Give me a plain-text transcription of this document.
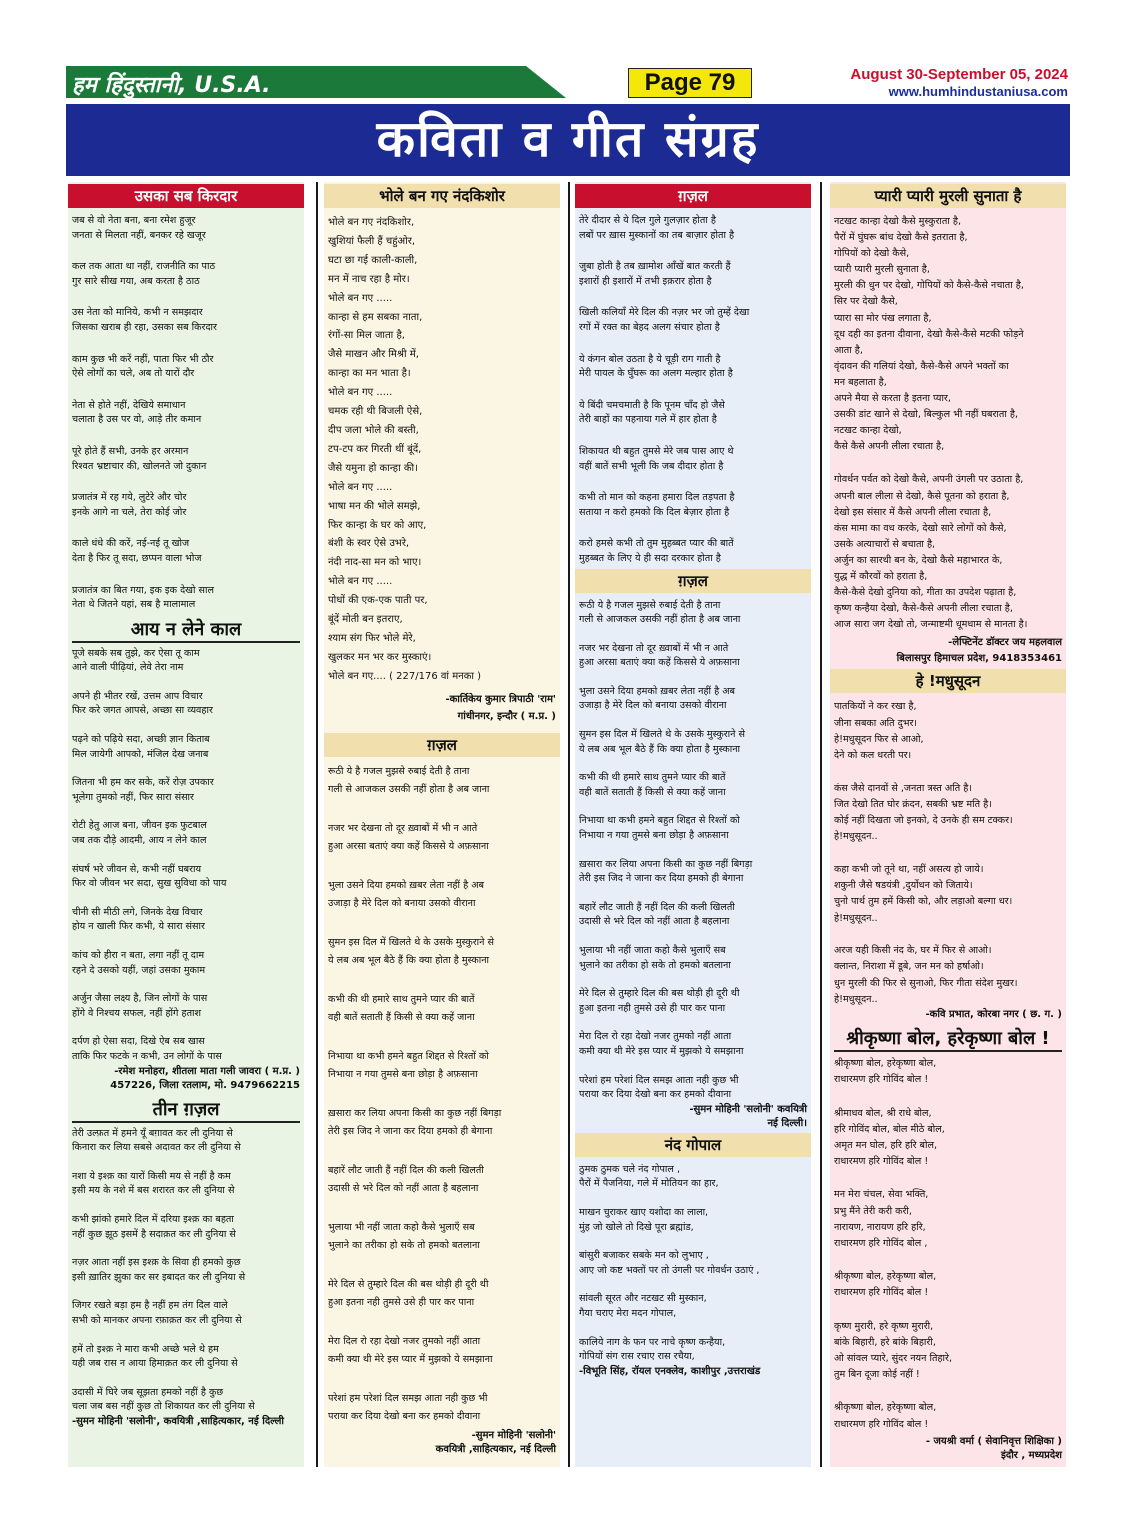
हम हिंदुस्तानी, U.S.A.	Page 79	August 30-September 05, 2024
www.humhindustaniusa.com
कविता व गीत संग्रह
उसका सब किरदार

जब से वो नेता बना, बना रमेश हुजूर
जनता से मिलता नहीं, बनकर रहे खजूर

कल तक आता था नहीं, राजनीति का पाठ
गुर सारे सीख गया, अब करता है ठाठ

उस नेता को मानिये, कभी न समझदार
जिसका खराब ही रहा, उसका सब किरदार

काम कुछ भी करें नहीं, पाता फिर भी ठौर
ऐसे लोगों का चले, अब तो यारों दौर

नेता से होते नहीं, देखिये समाधान
चलाता है उस पर वो, आड़े तीर कमान

पूरे होते हैं सभी, उनके हर अरमान
रिश्वत भ्रष्टाचार की, खोलनते जो दुकान

प्रजातंत्र में रह गये, लुटेरे और चोर
इनके आगे ना चले, तेरा कोई जोर

काले धंधे की करें, नई-नई तू खोज
देता है फिर तू सदा, छप्पन वाला भोज

प्रजातंत्र का बित गया, इक इक देखो साल
नेता थे जितने यहां, सब है मालामाल

आय न लेने काल

पूजे सबके सब तुझे, कर ऐसा तू काम
आने वाली पीढ़ियां, लेवे तेरा नाम

अपने ही भीतर रखें, उत्तम आप विचार
फिर करे जगत आपसे, अच्छा सा व्यवहार

पढ़ने को पढ़िये सदा, अच्छी ज्ञान किताब
मिल जायेगी आपको, मंजिल देख जनाब

जितना भी हम कर सके, करें रोज़ उपकार
भूलेगा तुमको नहीं, फिर सारा संसार

रोटी हेतु आज बना, जीवन इक फुटबाल
जब तक दौड़े आदमी, आय न लेने काल

संघर्ष भरे जीवन से, कभी नहीं घबराय
फिर वो जीवन भर सदा, सुख सुविधा को पाय

चीनी सी मीठी लगे, जिनके देख विचार
होय न खाली फिर कभी, ये सारा संसार

कांच को हीरा न बता, लगा नहीं तू दाम
रहने दे उसको यहीं, जहां उसका मुकाम

अर्जुन जैसा लक्ष्य है, जिन लोगों के पास
होंगे वे निश्चय सफल, नहीं होंगे हताश

दर्पण हो ऐसा सदा, दिखे ऐब सब खास
ताकि फिर फटके न कभी, उन लोगों के पास

-रमेश मनोहरा, शीतला माता गली जावरा ( म.प्र. )
457226, जिला रतलाम, मो. 9479662215
तीन ग़ज़ल

तेरी उल्फ़त में हमने यूँ बग़ावत कर ली दुनिया से
किनारा कर लिया सबसे अदावत कर ली दुनिया से

नशा ये इश्क़ का यारों किसी मय से नहीं है कम
इसी मय के नशे में बस शरारत कर ली दुनिया से

कभी झांको हमारे दिल में दरिया इश्क़ का बहता
नहीं कुछ झूठ इसमें है सदाक़त कर ली दुनिया से

नज़र आता नहीं इस इश्क़ के सिवा ही हमको कुछ
इसी ख़ातिर झुका कर सर इबादत कर ली दुनिया से

जिगर रखते बड़ा हम है नहीं हम तंग दिल वाले
सभी को मानकर अपना रफ़ाक़त कर ली दुनिया से

हमें तो इश्क़ ने मारा कभी अच्छे भले थे हम
यही जब रास न आया हिमाक़त कर ली दुनिया से

उदासी में घिरे जब सूझता हमको नहीं है कुछ
चला जब बस नहीं कुछ तो शिकायत कर ली दुनिया से

-सुमन मोहिनी 'सलोनी', कवयित्री ,साहित्यकार, नई दिल्ली
भोले बन गए नंदकिशोर

भोले बन गए नंदकिशोर,
खुशियां फैली हैं चहुंओर,
घटा छा गई काली-काली,
मन में नाच रहा है मोर।
भोले बन गए .....
कान्हा से हम सबका नाता,
रंगों-सा मिल जाता है,
जैसे माखन और मिश्री में,
कान्हा का मन भाता है।
भोले बन गए .....
चमक रही थी बिजली ऐसे,
दीप जला भोले की बस्ती,
टप-टप कर गिरती थीं बूंदें,
जैसे यमुना हो कान्हा की।
भोले बन गए .....
भाषा मन की भोले समझे,
फिर कान्हा के घर को आए,
बंशी के स्वर ऐसे उभरे,
नंदी नाद-सा मन को भाए।
भोले बन गए .....
पोधों की एक-एक पाती पर,
बूंदें मोती बन इतराए,
श्याम संग फिर भोले मेरे,
खुलकर मन भर कर मुस्काएं।
भोले बन गए.... ( 227/176 वां मनका )

-कार्तिकेय कुमार त्रिपाठी 'राम'
गांधीनगर, इन्दौर ( म.प्र. )
ग़ज़ल

रूठी ये है गजल मुझसे रुबाई देती है ताना
गली से आजकल उसकी नहीं होता है अब जाना

नजर भर देखना तो दूर ख़्वाबों में भी न आते
हुआ अरसा बताएं क्या कहें किससे ये अफ़साना

भुला उसने दिया हमको ख़बर लेता नहीं है अब
उजाड़ा है मेरे दिल को बनाया उसको वीराना

सुमन इस दिल में खिलते थे के उसके मुस्कुराने से
ये लब अब भूल बैठे हैं कि क्या होता है मुस्काना

कभी की थी हमारे साथ तुमने प्यार की बातें
वही बातें सताती हैं किसी से क्या कहें जाना

निभाया था कभी हमने बहुत शिद्दत से रिश्तों को
निभाया न गया तुमसे बना छोड़ा है अफ़साना

ख़सारा कर लिया अपना किसी का कुछ नहीं बिगड़ा
तेरी इस जिद ने जाना कर दिया हमको ही बेगाना

बहारें लौट जाती हैं नहीं दिल की कली खिलती
उदासी से भरे दिल को नहीं आता है बहलाना

भुलाया भी नहीं जाता कहो कैसे भुलाएँ सब
भुलाने का तरीका हो सके तो हमको बतलाना

मेरे दिल से तुम्हारे दिल की बस थोड़ी ही दूरी थी
हुआ इतना नही तुमसे उसे ही पार कर पाना

मेरा दिल रो रहा देखो नजर तुमको नहीं आता
कमी क्या थी मेरे इस प्यार में मुझको ये समझाना

परेशां हम परेशां दिल समझ आता नही कुछ भी
पराया कर दिया देखो बना कर हमको दीवाना

-सुमन मोहिनी 'सलोनी'
कवयित्री ,साहित्यकार, नई दिल्ली
ग़ज़ल

तेरे दीदार से ये दिल गुले गुलज़ार होता है
लबों पर ख़ास मुस्कानों का तब बाज़ार होता है

जुबा होती है तब ख़ामोश आँखें बात करती हैं
इशारों ही इशारों में तभी इक़रार होता है

खिली कलियाँ मेरे दिल की नज़र भर जो तुम्हें देखा
रगों में रक्त का बेहद अलग संचार होता है

ये कंगन बोल उठता है ये चूड़ी राग गाती है
मेरी पायल के घुँघरू का अलग मल्हार होता है

ये बिंदी चमचमाती है कि पूनम चाँद हो जैसे
तेरी बाहों का पहनाया गले में हार होता है

शिकायत थी बहुत तुमसे मेरे जब पास आए थे
वहीं बातें सभी भूली कि जब दीदार होता है

कभी तो मान को कहना हमारा दिल तड़पता है
सताया न करो हमको कि दिल बेज़ार होता है

करो हमसे कभी तो तुम मुहब्बत प्यार की बातें
मुहब्बत के लिए ये ही सदा दरकार होता है

ग़ज़ल

रूठी ये है गजल मुझसे रुबाई देती है ताना
गली से आजकल उसकी नहीं होता है अब जाना

नजर भर देखना तो दूर ख़्वाबों में भी न आते
हुआ अरसा बताएं क्या कहें किससे ये अफ़साना

भुला उसने दिया हमको ख़बर लेता नहीं है अब
उजाड़ा है मेरे दिल को बनाया उसको वीराना

सुमन इस दिल में खिलते थे के उसके मुस्कुराने से
ये लब अब भूल बैठे हैं कि क्या होता है मुस्काना

कभी की थी हमारे साथ तुमने प्यार की बातें
वही बातें सताती हैं किसी से क्या कहें जाना

निभाया था कभी हमने बहुत शिद्दत से रिश्तों को
निभाया न गया तुमसे बना छोड़ा है अफ़साना

ख़सारा कर लिया अपना किसी का कुछ नहीं बिगड़ा
तेरी इस जिद ने जाना कर दिया हमको ही बेगाना

बहारें लौट जाती हैं नहीं दिल की कली खिलती
उदासी से भरे दिल को नहीं आता है बहलाना

भुलाया भी नहीं जाता कहो कैसे भुलाएँ सब
भुलाने का तरीका हो सके तो हमको बतलाना

मेरे दिल से तुम्हारे दिल की बस थोड़ी ही दूरी थी
हुआ इतना नही तुमसे उसे ही पार कर पाना

मेरा दिल रो रहा देखो नजर तुमको नहीं आता
कमी क्या थी मेरे इस प्यार में मुझको ये समझाना

परेशां हम परेशां दिल समझ आता नही कुछ भी
पराया कर दिया देखो बना कर हमको दीवाना

-सुमन मोहिनी 'सलोनी' कवयित्री
नई दिल्ली।
नंद गोपाल

ठुमक ठुमक चले नंद गोपाल ,
पैरों में पैजनिया, गले में मोतियन का हार,

माखन चुराकर खाए यशोदा का लाला,
मुंह जो खोले तो दिखे पूरा ब्रह्मांड,

बांसुरी बजाकर सबके मन को लुभाए ,
आए जो कष्ट भक्तों पर तो उंगली पर गोवर्धन उठाएं ,

सांवली सूरत और नटखट सी मुस्कान,
गैया चराए मेरा मदन गोपाल,

कालिये नाग के फन पर नाचे कृष्ण कन्हैया,
गोपियों संग रास रचाए रास रचैया,

-विभूति सिंह, रॉयल एनक्लेव, काशीपुर ,उत्तराखंड
प्यारी प्यारी मुरली सुनाता है

नटखट कान्हा देखो कैसे मुस्कुराता है,
पैरों में घुंघरू बांध देखो कैसे इतराता है,
गोपियों को देखो कैसे,
प्यारी प्यारी मुरली सुनाता है,
मुरली की धुन पर देखो, गोपियों को कैसे-कैसे नचाता है,
सिर पर देखो कैसे,
प्यारा सा मोर पंख लगाता है,
दूध दही का इतना दीवाना, देखो कैसे-कैसे मटकी फोड़ने
आता है,
वृंदावन की गलियां देखो, कैसे-कैसे अपने भक्तों का
मन बहलाता है,
अपने मैया से करता है इतना प्यार,
उसकी डांट खाने से देखो, बिल्कुल भी नहीं घबराता है,
नटखट कान्हा देखो,
कैसे कैसे अपनी लीला रचाता है,

गोवर्धन पर्वत को देखो कैसे, अपनी उंगली पर उठाता है,
अपनी बाल लीला से देखो, कैसे पूतना को हराता है,
देखो इस संसार में कैसे अपनी लीला रचाता है,
कंस मामा का वध करके, देखो सारे लोगों को कैसे,
उसके अत्याचारों से बचाता है,
अर्जुन का सारथी बन के, देखो कैसे महाभारत के,
युद्ध में कौरवों को हराता है,
कैसे-कैसे देखो दुनिया को, गीता का उपदेश पढ़ाता है,
कृष्ण कन्हैया देखो, कैसे-कैसे अपनी लीला रचाता है,
आज सारा जग देखो तो, जन्माष्टमी धूमधाम से मानता है।

-लेफ्टिनेंट डॉक्टर जय महलवाल
बिलासपुर हिमाचल प्रदेश, 9418353461
हे !मधुसूदन

पातकियों ने कर रखा है,
जीना सबका अति दुभर।
हे!मधुसूदन फिर से आओ,
देने को कल धरती पर।

कंस जैसे दानवों से ,जनता त्रस्त अति है।
जित देखो तित घोर क्रंदन, सबकी भ्रष्ट मति है।
कोई नहीं दिखता जो इनको, दे उनके ही सम टक्कर।
हे!मधुसूदन..

कहा कभी जो तूने था, नहीं असत्य हो जाये।
शकुनी जैसे षडयंत्री ,दुर्योधन को जिताये।
चुनो पार्थ तुम हमें किसी को, और लड़ाओ बल्गा धर।
हे!मधुसूदन..

अरज यही किसी नंद के, घर में फिर से आओ।
क्लान्त, निराशा में डूबे, जन मन को हर्षाओ।
धुन मुरली की फिर से सुनाओ, फिर गीता संदेश मुखर।
हे!मधुसूदन..

-कवि प्रभात, कोरबा नगर ( छ. ग. )
श्रीकृष्णा बोल, हरेकृष्णा बोल !

श्रीकृष्णा बोल, हरेकृष्णा बोल,
राधारमण हरि गोविंद बोल !

श्रीमाधव बोल, श्री राधे बोल,
हरि गोविंद बोल, बोल मीठे बोल,
अमृत मन घोल, हरि हरि बोल,
राधारमण हरि गोविंद बोल !

मन मेरा चंचल, सेवा भक्ति,
प्रभु मैंने तेरी करी करी,
नारायण, नारायण हरि हरि,
राधारमण हरि गोविंद बोल ,

श्रीकृष्णा बोल, हरेकृष्णा बोल,
राधारमण हरि गोविंद बोल !

कृष्ण मुरारी, हरे कृष्ण मुरारी,
बांके बिहारी, हरे बांके बिहारी,
ओ सांवल प्यारे, सुंदर नयन तिहारे,
तुम बिन दूजा कोई नहीं !

श्रीकृष्णा बोल, हरेकृष्णा बोल,
राधारमण हरि गोविंद बोल !

- जयश्री वर्मा ( सेवानिवृत्त शिक्षिका )
इंदौर , मध्यप्रदेश
